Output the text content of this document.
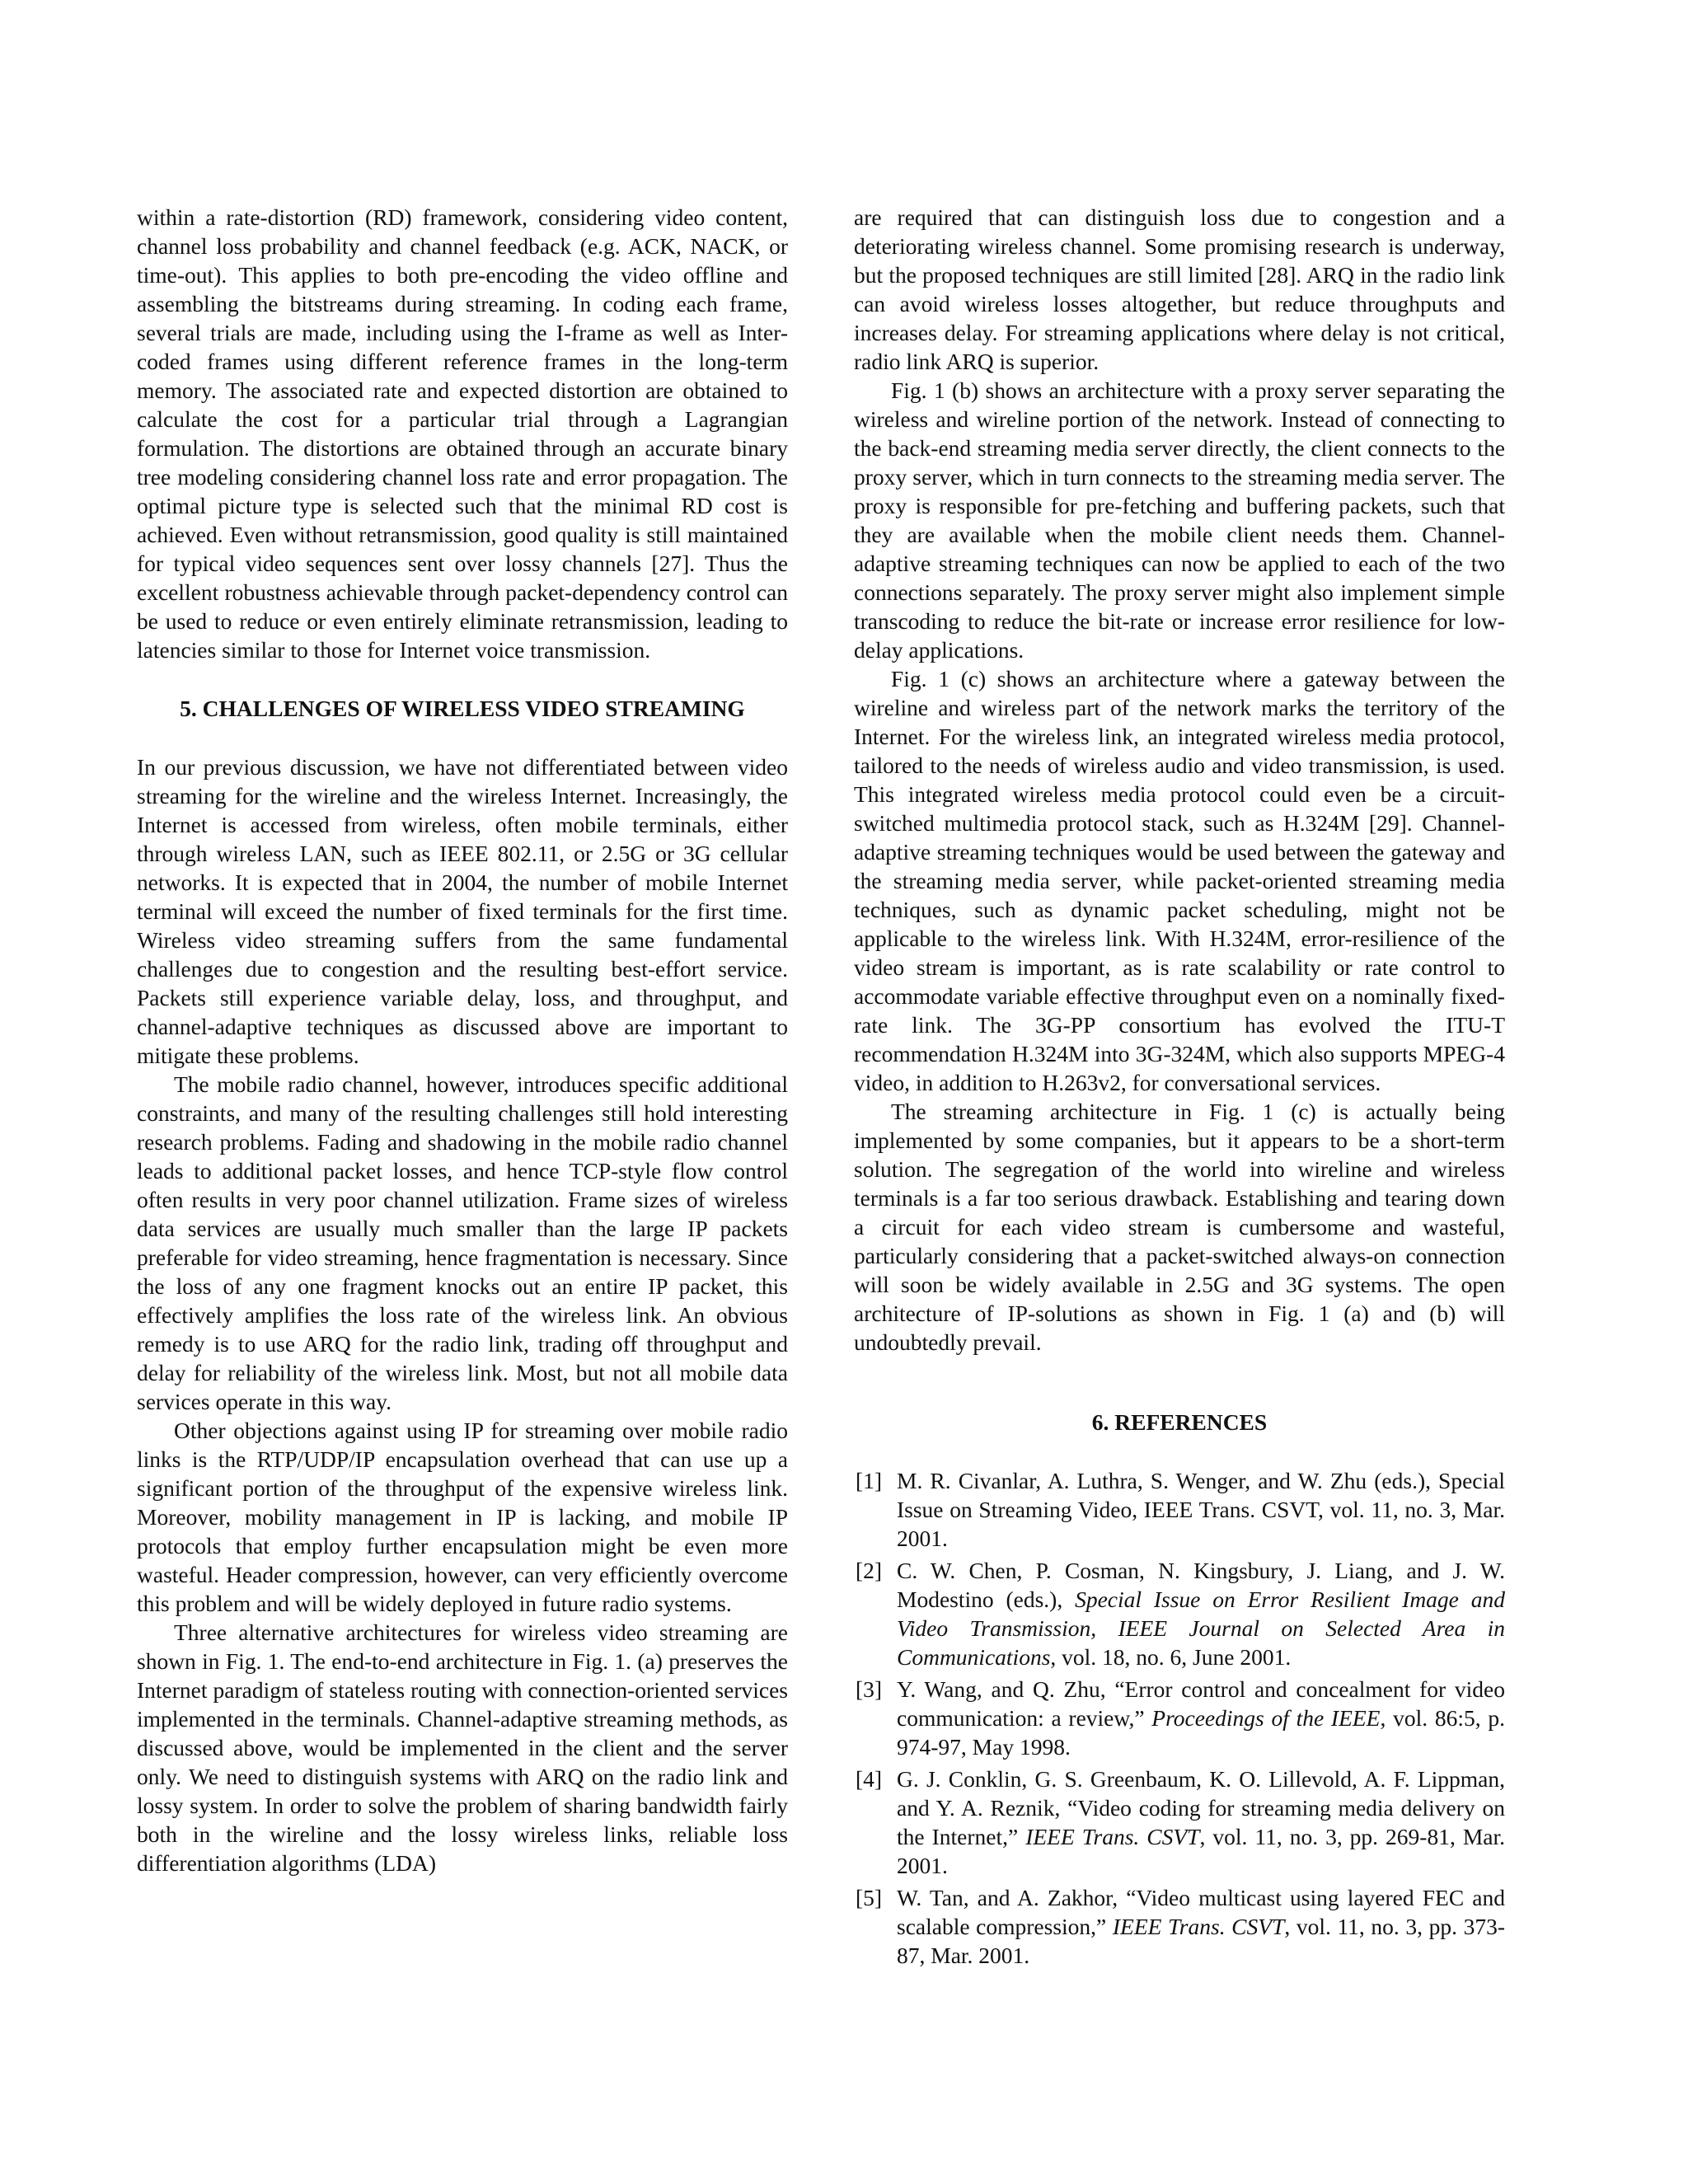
within a rate-distortion (RD) framework, considering video content, channel loss probability and channel feedback (e.g. ACK, NACK, or time-out). This applies to both pre-encoding the video offline and assembling the bitstreams during streaming. In coding each frame, several trials are made, including using the I-frame as well as Inter-coded frames using different reference frames in the long-term memory. The associated rate and expected distortion are obtained to calculate the cost for a particular trial through a Lagrangian formulation. The distortions are obtained through an accurate binary tree modeling considering channel loss rate and error propagation. The optimal picture type is selected such that the minimal RD cost is achieved. Even without retransmission, good quality is still maintained for typical video sequences sent over lossy channels [27]. Thus the excellent robustness achievable through packet-dependency control can be used to reduce or even entirely eliminate retransmission, leading to latencies similar to those for Internet voice transmission.

5. CHALLENGES OF WIRELESS VIDEO STREAMING

In our previous discussion, we have not differentiated between video streaming for the wireline and the wireless Internet. Increasingly, the Internet is accessed from wireless, often mobile terminals, either through wireless LAN, such as IEEE 802.11, or 2.5G or 3G cellular networks. It is expected that in 2004, the number of mobile Internet terminal will exceed the number of fixed terminals for the first time. Wireless video streaming suffers from the same fundamental challenges due to congestion and the resulting best-effort service. Packets still experience variable delay, loss, and throughput, and channel-adaptive techniques as discussed above are important to mitigate these problems.

The mobile radio channel, however, introduces specific additional constraints, and many of the resulting challenges still hold interesting research problems. Fading and shadowing in the mobile radio channel leads to additional packet losses, and hence TCP-style flow control often results in very poor channel utilization. Frame sizes of wireless data services are usually much smaller than the large IP packets preferable for video streaming, hence fragmentation is necessary. Since the loss of any one fragment knocks out an entire IP packet, this effectively amplifies the loss rate of the wireless link. An obvious remedy is to use ARQ for the radio link, trading off throughput and delay for reliability of the wireless link. Most, but not all mobile data services operate in this way.

Other objections against using IP for streaming over mobile radio links is the RTP/UDP/IP encapsulation overhead that can use up a significant portion of the throughput of the expensive wireless link. Moreover, mobility management in IP is lacking, and mobile IP protocols that employ further encapsulation might be even more wasteful. Header compression, however, can very efficiently overcome this problem and will be widely deployed in future radio systems.

Three alternative architectures for wireless video streaming are shown in Fig. 1. The end-to-end architecture in Fig. 1. (a) preserves the Internet paradigm of stateless routing with connection-oriented services implemented in the terminals. Channel-adaptive streaming methods, as discussed above, would be implemented in the client and the server only. We need to distinguish systems with ARQ on the radio link and lossy system. In order to solve the problem of sharing bandwidth fairly both in the wireline and the lossy wireless links, reliable loss differentiation algorithms (LDA)

are required that can distinguish loss due to congestion and a deteriorating wireless channel. Some promising research is underway, but the proposed techniques are still limited [28]. ARQ in the radio link can avoid wireless losses altogether, but reduce throughputs and increases delay. For streaming applications where delay is not critical, radio link ARQ is superior.

Fig. 1 (b) shows an architecture with a proxy server separating the wireless and wireline portion of the network. Instead of connecting to the back-end streaming media server directly, the client connects to the proxy server, which in turn connects to the streaming media server. The proxy is responsible for pre-fetching and buffering packets, such that they are available when the mobile client needs them. Channel-adaptive streaming techniques can now be applied to each of the two connections separately. The proxy server might also implement simple transcoding to reduce the bit-rate or increase error resilience for low-delay applications.

Fig. 1 (c) shows an architecture where a gateway between the wireline and wireless part of the network marks the territory of the Internet. For the wireless link, an integrated wireless media protocol, tailored to the needs of wireless audio and video transmission, is used. This integrated wireless media protocol could even be a circuit-switched multimedia protocol stack, such as H.324M [29]. Channel-adaptive streaming techniques would be used between the gateway and the streaming media server, while packet-oriented streaming media techniques, such as dynamic packet scheduling, might not be applicable to the wireless link. With H.324M, error-resilience of the video stream is important, as is rate scalability or rate control to accommodate variable effective throughput even on a nominally fixed-rate link. The 3G-PP consortium has evolved the ITU-T recommendation H.324M into 3G-324M, which also supports MPEG-4 video, in addition to H.263v2, for conversational services.

The streaming architecture in Fig. 1 (c) is actually being implemented by some companies, but it appears to be a short-term solution. The segregation of the world into wireline and wireless terminals is a far too serious drawback. Establishing and tearing down a circuit for each video stream is cumbersome and wasteful, particularly considering that a packet-switched always-on connection will soon be widely available in 2.5G and 3G systems. The open architecture of IP-solutions as shown in Fig. 1 (a) and (b) will undoubtedly prevail.

6. REFERENCES
[1] M. R. Civanlar, A. Luthra, S. Wenger, and W. Zhu (eds.), Special Issue on Streaming Video, IEEE Trans. CSVT, vol. 11, no. 3, Mar. 2001.
[2] C. W. Chen, P. Cosman, N. Kingsbury, J. Liang, and J. W. Modestino (eds.), Special Issue on Error Resilient Image and Video Transmission, IEEE Journal on Selected Area in Communications, vol. 18, no. 6, June 2001.
[3] Y. Wang, and Q. Zhu, “Error control and concealment for video communication: a review,” Proceedings of the IEEE, vol. 86:5, p. 974-97, May 1998.
[4] G. J. Conklin, G. S. Greenbaum, K. O. Lillevold, A. F. Lippman, and Y. A. Reznik, “Video coding for streaming media delivery on the Internet,” IEEE Trans. CSVT, vol. 11, no. 3, pp. 269-81, Mar. 2001.
[5] W. Tan, and A. Zakhor, “Video multicast using layered FEC and scalable compression,” IEEE Trans. CSVT, vol. 11, no. 3, pp. 373-87, Mar. 2001.
